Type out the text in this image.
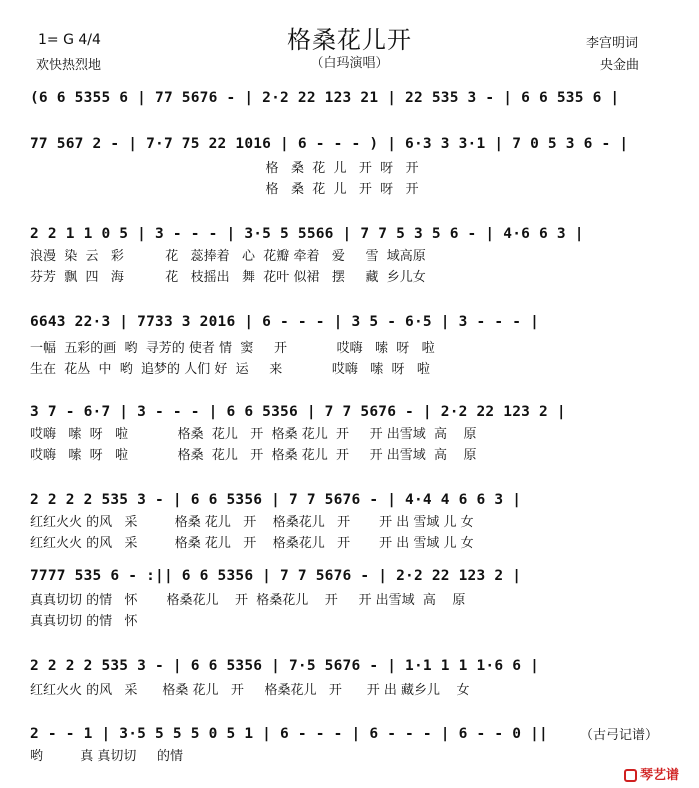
格桑花儿开
（白玛演唱）
1= G 4/4
欢快热烈地
李宫明词
央金曲
(6 6 5355 6 | 77 5676 - | 2·2 22 123 21 | 22 535 3 - | 6 6 535 6 |
77 567 2 - | 7·7 75 22 1016 | 6 - - - ) | 6·3 3 3·1 | 7 0 5 3 6 - |
格   桑  花  儿   开  呀   开
格   桑  花  儿   开  呀   开
2 2 1 1 0 5 | 3 - - - | 3·5 5 5566 | 7 7 5 3 5 6 - | 4·6 6 3 |
浪漫  染  云   彩          花   蕊捧着   心  花瓣 牵着   爱     雪  域高原
芬芳  飘  四   海          花   枝摇出   舞  花叶 似裙   摆     藏  乡儿女
6643 22·3 | 7733 3 2016 | 6 - - - | 3 5 - 6·5 | 3 - - - |
一幅  五彩的画  哟  寻芳的 使者 情  窦     开            哎嗨   嗦  呀   啦
生在  花丛  中  哟  追梦的 人们 好  运     来            哎嗨   嗦  呀   啦
3 7 - 6·7 | 3 - - - | 6 6 5356 | 7 7 5676 - | 2·2 22 123 2 |
哎嗨   嗦  呀   啦            格桑  花儿   开  格桑 花儿  开     开 出雪域  高    原
哎嗨   嗦  呀   啦            格桑  花儿   开  格桑 花儿  开     开 出雪域  高    原
2 2 2 2 535 3 - | 6 6 5356 | 7 7 5676 - | 4·4 4 6 6 3 |
红红火火 的风   采         格桑 花儿   开    格桑花儿   开       开 出 雪域 儿 女
红红火火 的风   采         格桑 花儿   开    格桑花儿   开       开 出 雪域 儿 女
7777 535 6 - :|| 6 6 5356 | 7 7 5676 - | 2·2 22 123 2 |
真真切切 的情   怀       格桑花儿    开  格桑花儿    开     开 出雪域  高    原
真真切切 的情   怀
2 2 2 2 535 3 - | 6 6 5356 | 7·5 5676 - | 1·1 1 1 1·6 6 |
红红火火 的风   采      格桑 花儿   开     格桑花儿   开      开 出 藏乡儿    女
2 - - 1 | 3·5 5 5 5 0 5 1 | 6 - - - | 6 - - - | 6 - - 0 ||
哟         真 真切切     的情
（古弓记谱）
琴艺谱
